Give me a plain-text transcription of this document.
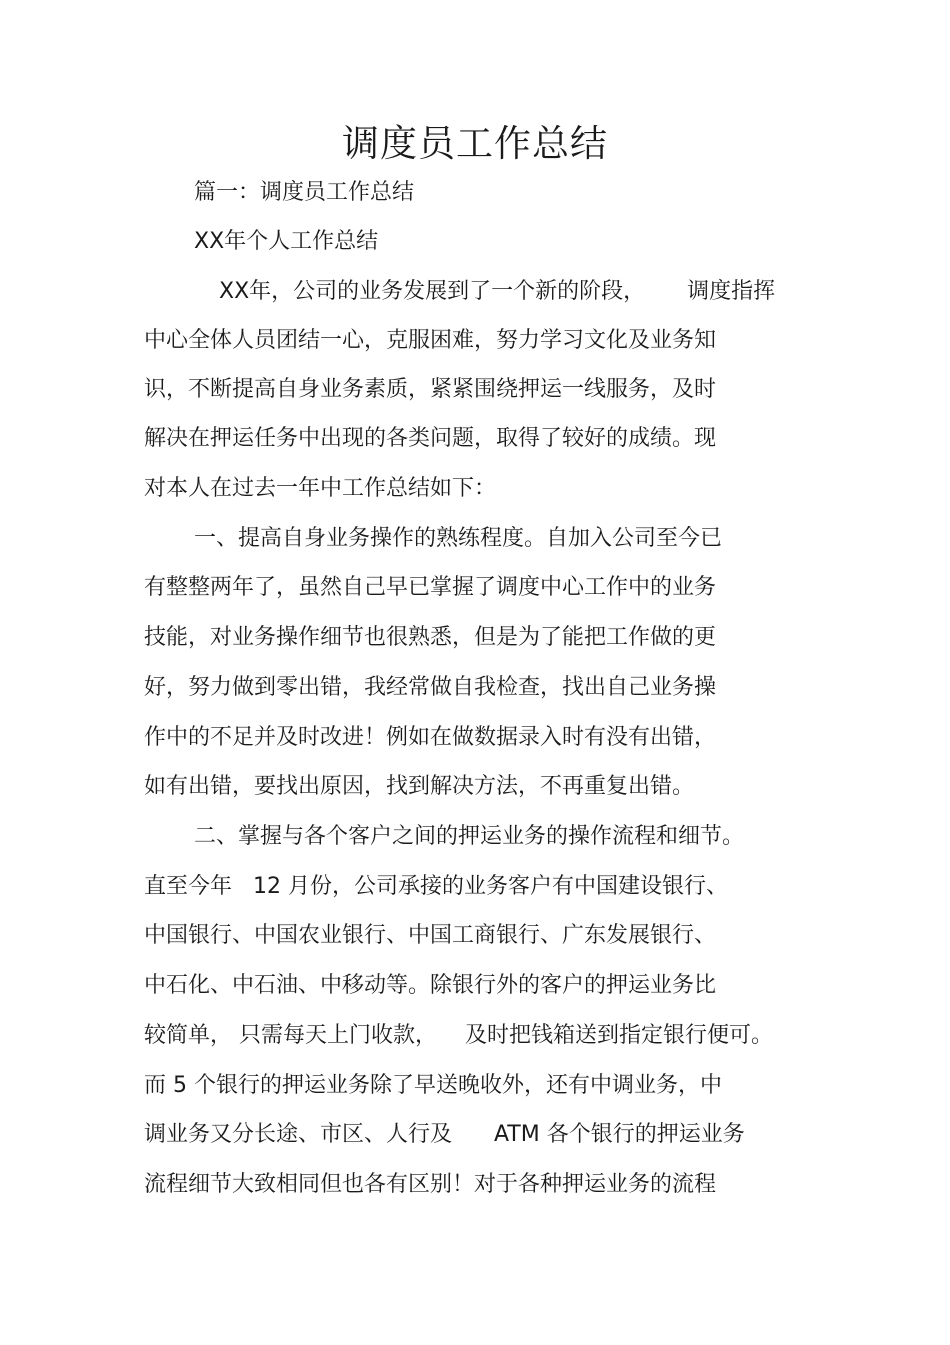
调度员工作总结

篇一：调度员工作总结

XX年个人工作总结

XX年，公司的业务发展到了一个新的阶段，      调度指挥

中心全体人员团结一心，克服困难，努力学习文化及业务知

识，不断提高自身业务素质，紧紧围绕押运一线服务，及时

解决在押运任务中出现的各类问题，取得了较好的成绩。现

对本人在过去一年中工作总结如下：

一、提高自身业务操作的熟练程度。自加入公司至今已

有整整两年了，虽然自己早已掌握了调度中心工作中的业务

技能，对业务操作细节也很熟悉，但是为了能把工作做的更

好，努力做到零出错，我经常做自我检查，找出自己业务操

作中的不足并及时改进！例如在做数据录入时有没有出错，

如有出错，要找出原因，找到解决方法，不再重复出错。

二、掌握与各个客户之间的押运业务的操作流程和细节。

直至今年   12 月份，公司承接的业务客户有中国建设银行、

中国银行、中国农业银行、中国工商银行、广东发展银行、

中石化、中石油、中移动等。除银行外的客户的押运业务比

较简单， 只需每天上门收款，    及时把钱箱送到指定银行便可。

而 5 个银行的押运业务除了早送晚收外，还有中调业务，中

调业务又分长途、市区、人行及      ATM 各个银行的押运业务

流程细节大致相同但也各有区别！对于各种押运业务的流程
